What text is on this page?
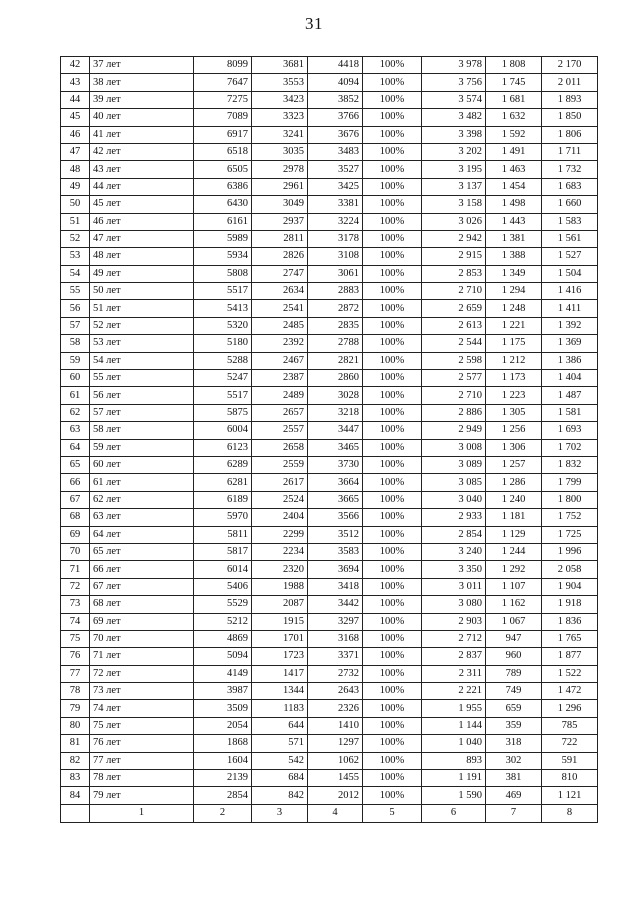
31
42	37 лет	8099	3681	4418	100%	3 978	1 808	2 170
43	38 лет	7647	3553	4094	100%	3 756	1 745	2 011
44	39 лет	7275	3423	3852	100%	3 574	1 681	1 893
45	40 лет	7089	3323	3766	100%	3 482	1 632	1 850
46	41 лет	6917	3241	3676	100%	3 398	1 592	1 806
47	42 лет	6518	3035	3483	100%	3 202	1 491	1 711
48	43 лет	6505	2978	3527	100%	3 195	1 463	1 732
49	44 лет	6386	2961	3425	100%	3 137	1 454	1 683
50	45 лет	6430	3049	3381	100%	3 158	1 498	1 660
51	46 лет	6161	2937	3224	100%	3 026	1 443	1 583
52	47 лет	5989	2811	3178	100%	2 942	1 381	1 561
53	48 лет	5934	2826	3108	100%	2 915	1 388	1 527
54	49 лет	5808	2747	3061	100%	2 853	1 349	1 504
55	50 лет	5517	2634	2883	100%	2 710	1 294	1 416
56	51 лет	5413	2541	2872	100%	2 659	1 248	1 411
57	52 лет	5320	2485	2835	100%	2 613	1 221	1 392
58	53 лет	5180	2392	2788	100%	2 544	1 175	1 369
59	54 лет	5288	2467	2821	100%	2 598	1 212	1 386
60	55 лет	5247	2387	2860	100%	2 577	1 173	1 404
61	56 лет	5517	2489	3028	100%	2 710	1 223	1 487
62	57 лет	5875	2657	3218	100%	2 886	1 305	1 581
63	58 лет	6004	2557	3447	100%	2 949	1 256	1 693
64	59 лет	6123	2658	3465	100%	3 008	1 306	1 702
65	60 лет	6289	2559	3730	100%	3 089	1 257	1 832
66	61 лет	6281	2617	3664	100%	3 085	1 286	1 799
67	62 лет	6189	2524	3665	100%	3 040	1 240	1 800
68	63 лет	5970	2404	3566	100%	2 933	1 181	1 752
69	64 лет	5811	2299	3512	100%	2 854	1 129	1 725
70	65 лет	5817	2234	3583	100%	3 240	1 244	1 996
71	66 лет	6014	2320	3694	100%	3 350	1 292	2 058
72	67 лет	5406	1988	3418	100%	3 011	1 107	1 904
73	68 лет	5529	2087	3442	100%	3 080	1 162	1 918
74	69 лет	5212	1915	3297	100%	2 903	1 067	1 836
75	70 лет	4869	1701	3168	100%	2 712	947	1 765
76	71 лет	5094	1723	3371	100%	2 837	960	1 877
77	72 лет	4149	1417	2732	100%	2 311	789	1 522
78	73 лет	3987	1344	2643	100%	2 221	749	1 472
79	74 лет	3509	1183	2326	100%	1 955	659	1 296
80	75 лет	2054	644	1410	100%	1 144	359	785
81	76 лет	1868	571	1297	100%	1 040	318	722
82	77 лет	1604	542	1062	100%	893	302	591
83	78 лет	2139	684	1455	100%	1 191	381	810
84	79 лет	2854	842	2012	100%	1 590	469	1 121
	1	2	3	4	5	6	7	8
